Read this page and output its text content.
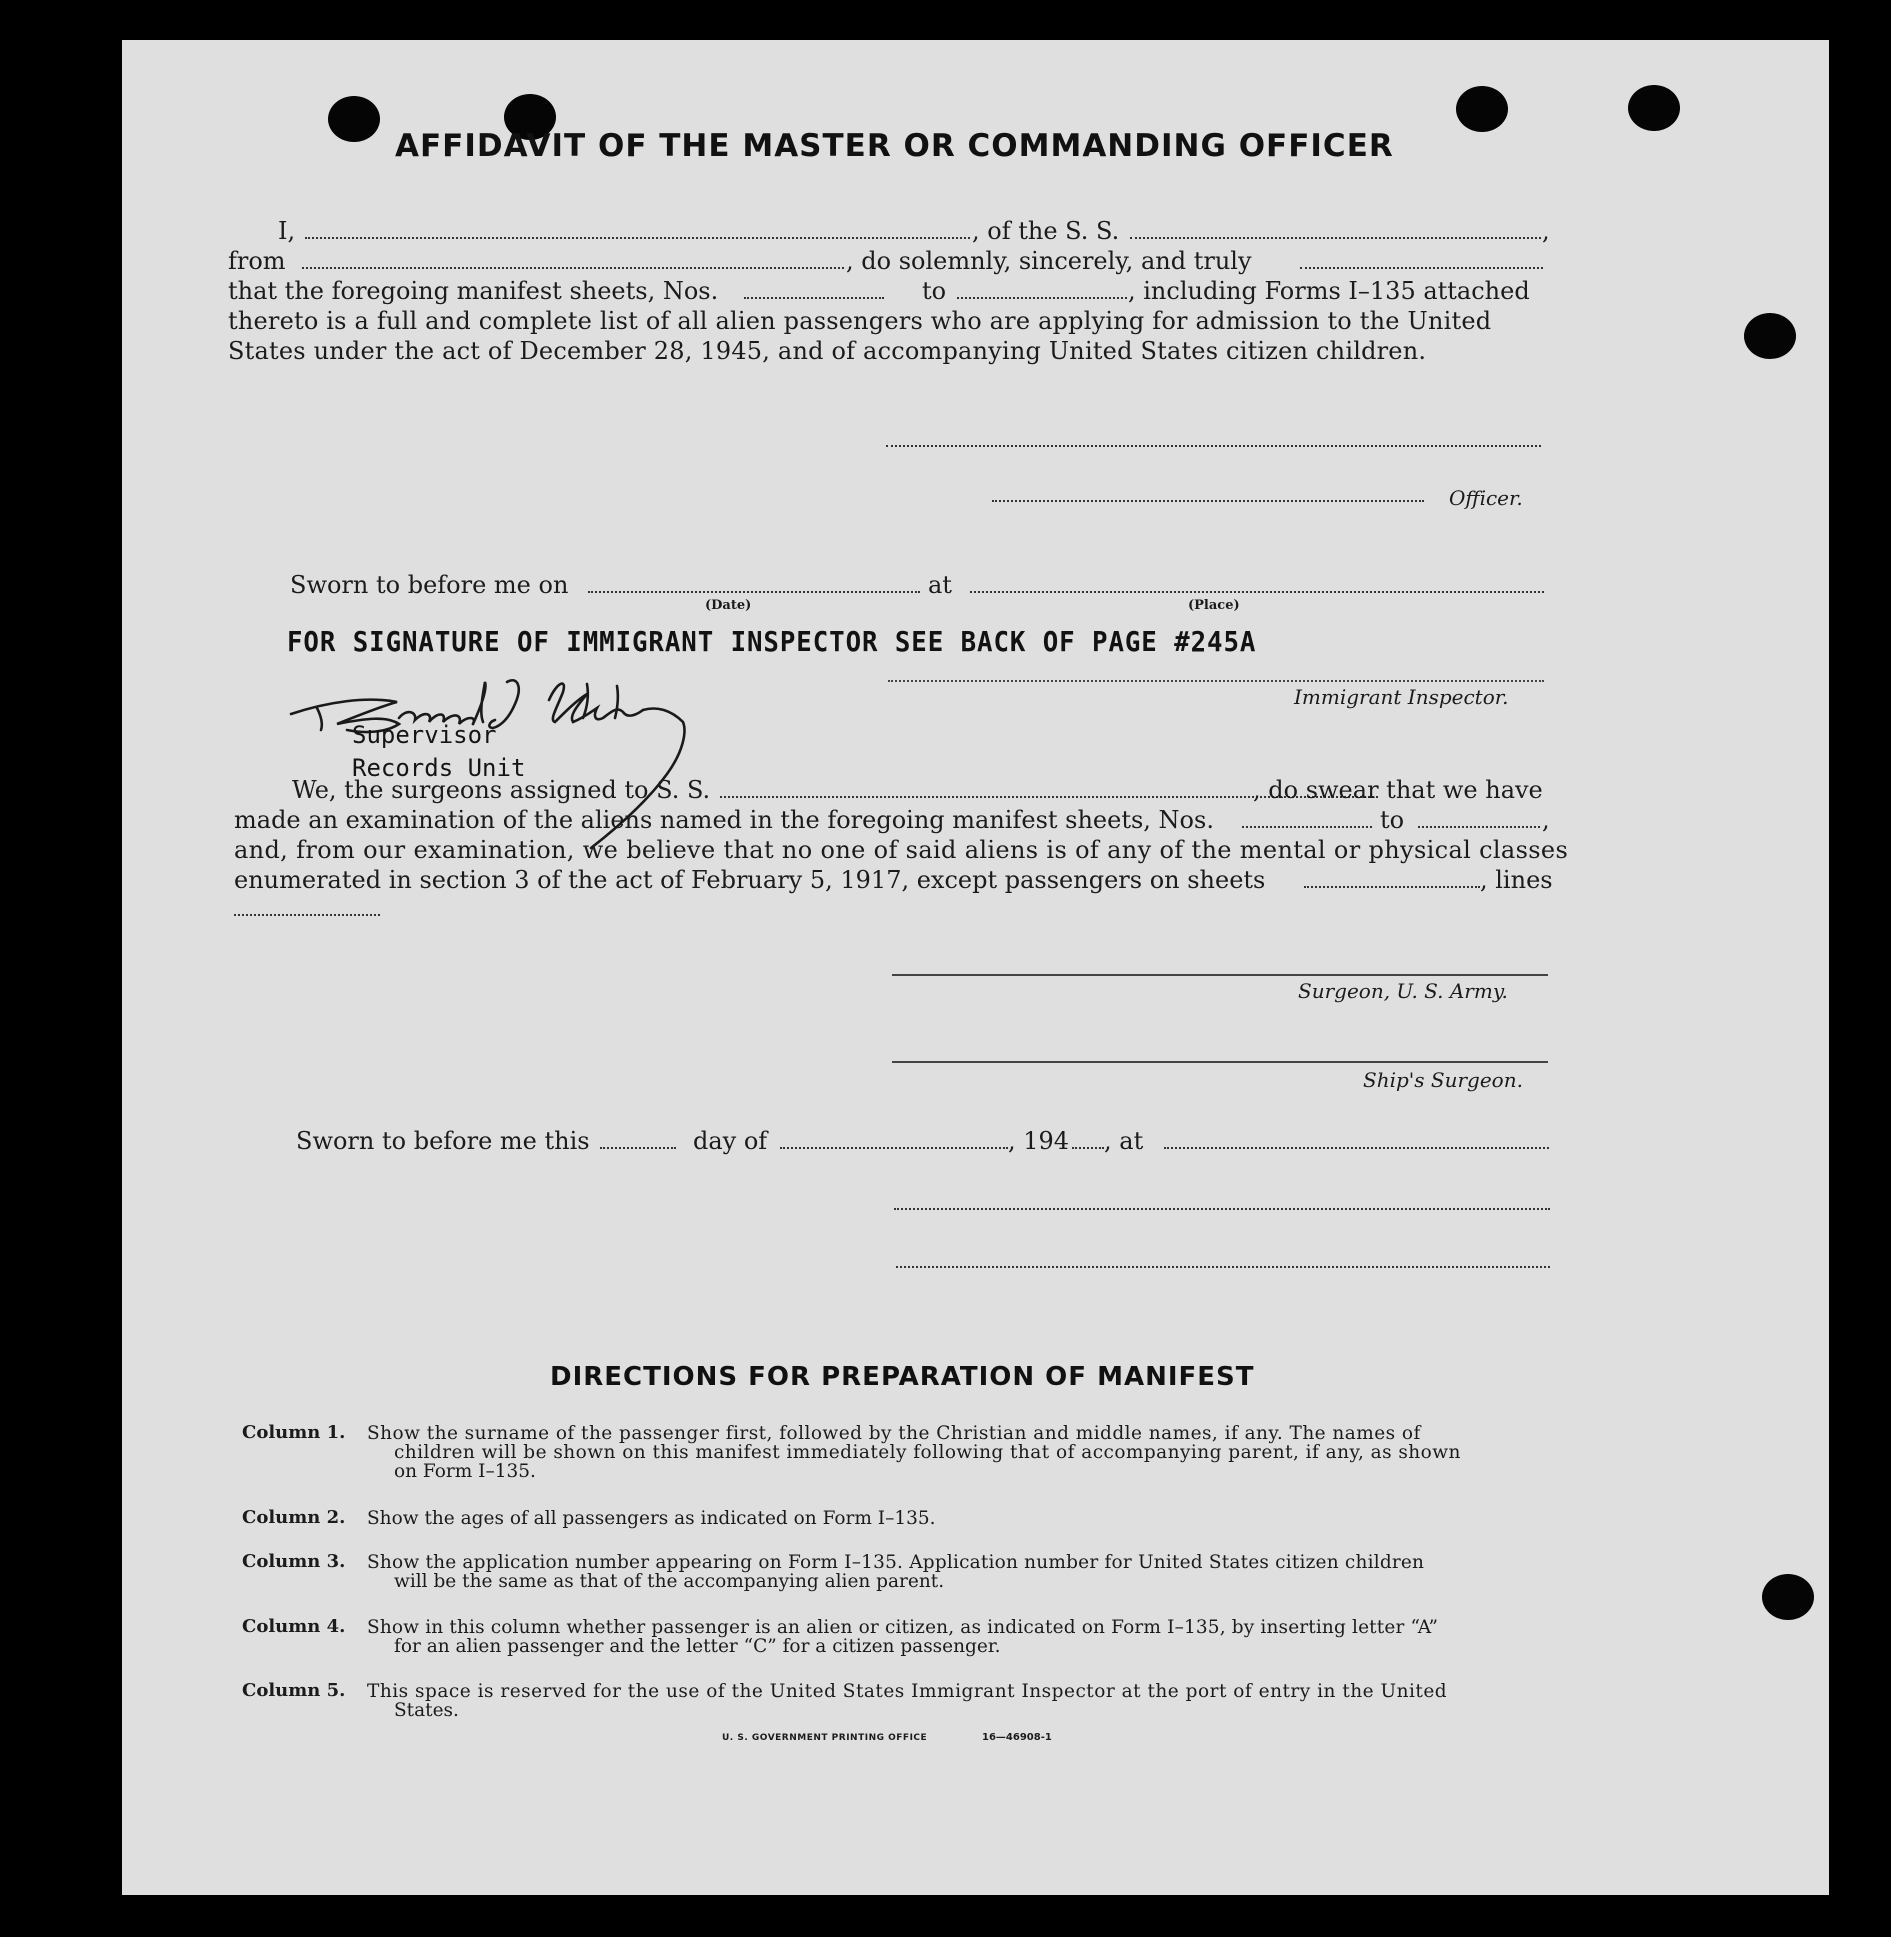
AFFIDAVIT OF THE MASTER OR COMMANDING OFFICER
I,	, of the S. S.	,
from	, do solemnly, sincerely, and truly
that the foregoing manifest sheets, Nos.	to	, including Forms I–135 attached
thereto is a full and complete list of all alien passengers who are applying for admission to the United
States under the act of December 28, 1945, and of accompanying United States citizen children.
Officer.
Sworn to before me on
(Date)
at
(Place)
FOR SIGNATURE OF IMMIGRANT INSPECTOR SEE BACK OF PAGE #245A
Immigrant Inspector.
Supervisor
Records Unit
We, the surgeons assigned to S. S.	, do swear that we have
made an examination of the aliens named in the foregoing manifest sheets, Nos.	to	,
and, from our examination, we believe that no one of said aliens is of any of the mental or physical classes
enumerated in section 3 of the act of February 5, 1917, except passengers on sheets	, lines
Surgeon, U. S. Army.
Ship's Surgeon.
Sworn to before me this	day of	, 194 , at
DIRECTIONS FOR PREPARATION OF MANIFEST
Column 1. Show the surname of the passenger first, followed by the Christian and middle names, if any. The names of
children will be shown on this manifest immediately following that of accompanying parent, if any, as shown
on Form I–135.
Column 2. Show the ages of all passengers as indicated on Form I–135.
Column 3. Show the application number appearing on Form I–135. Application number for United States citizen children
will be the same as that of the accompanying alien parent.
Column 4. Show in this column whether passenger is an alien or citizen, as indicated on Form I–135, by inserting letter “A”
for an alien passenger and the letter “C” for a citizen passenger.
Column 5. This space is reserved for the use of the United States Immigrant Inspector at the port of entry in the United
States.
U. S. GOVERNMENT PRINTING OFFICE	16—46908-1
